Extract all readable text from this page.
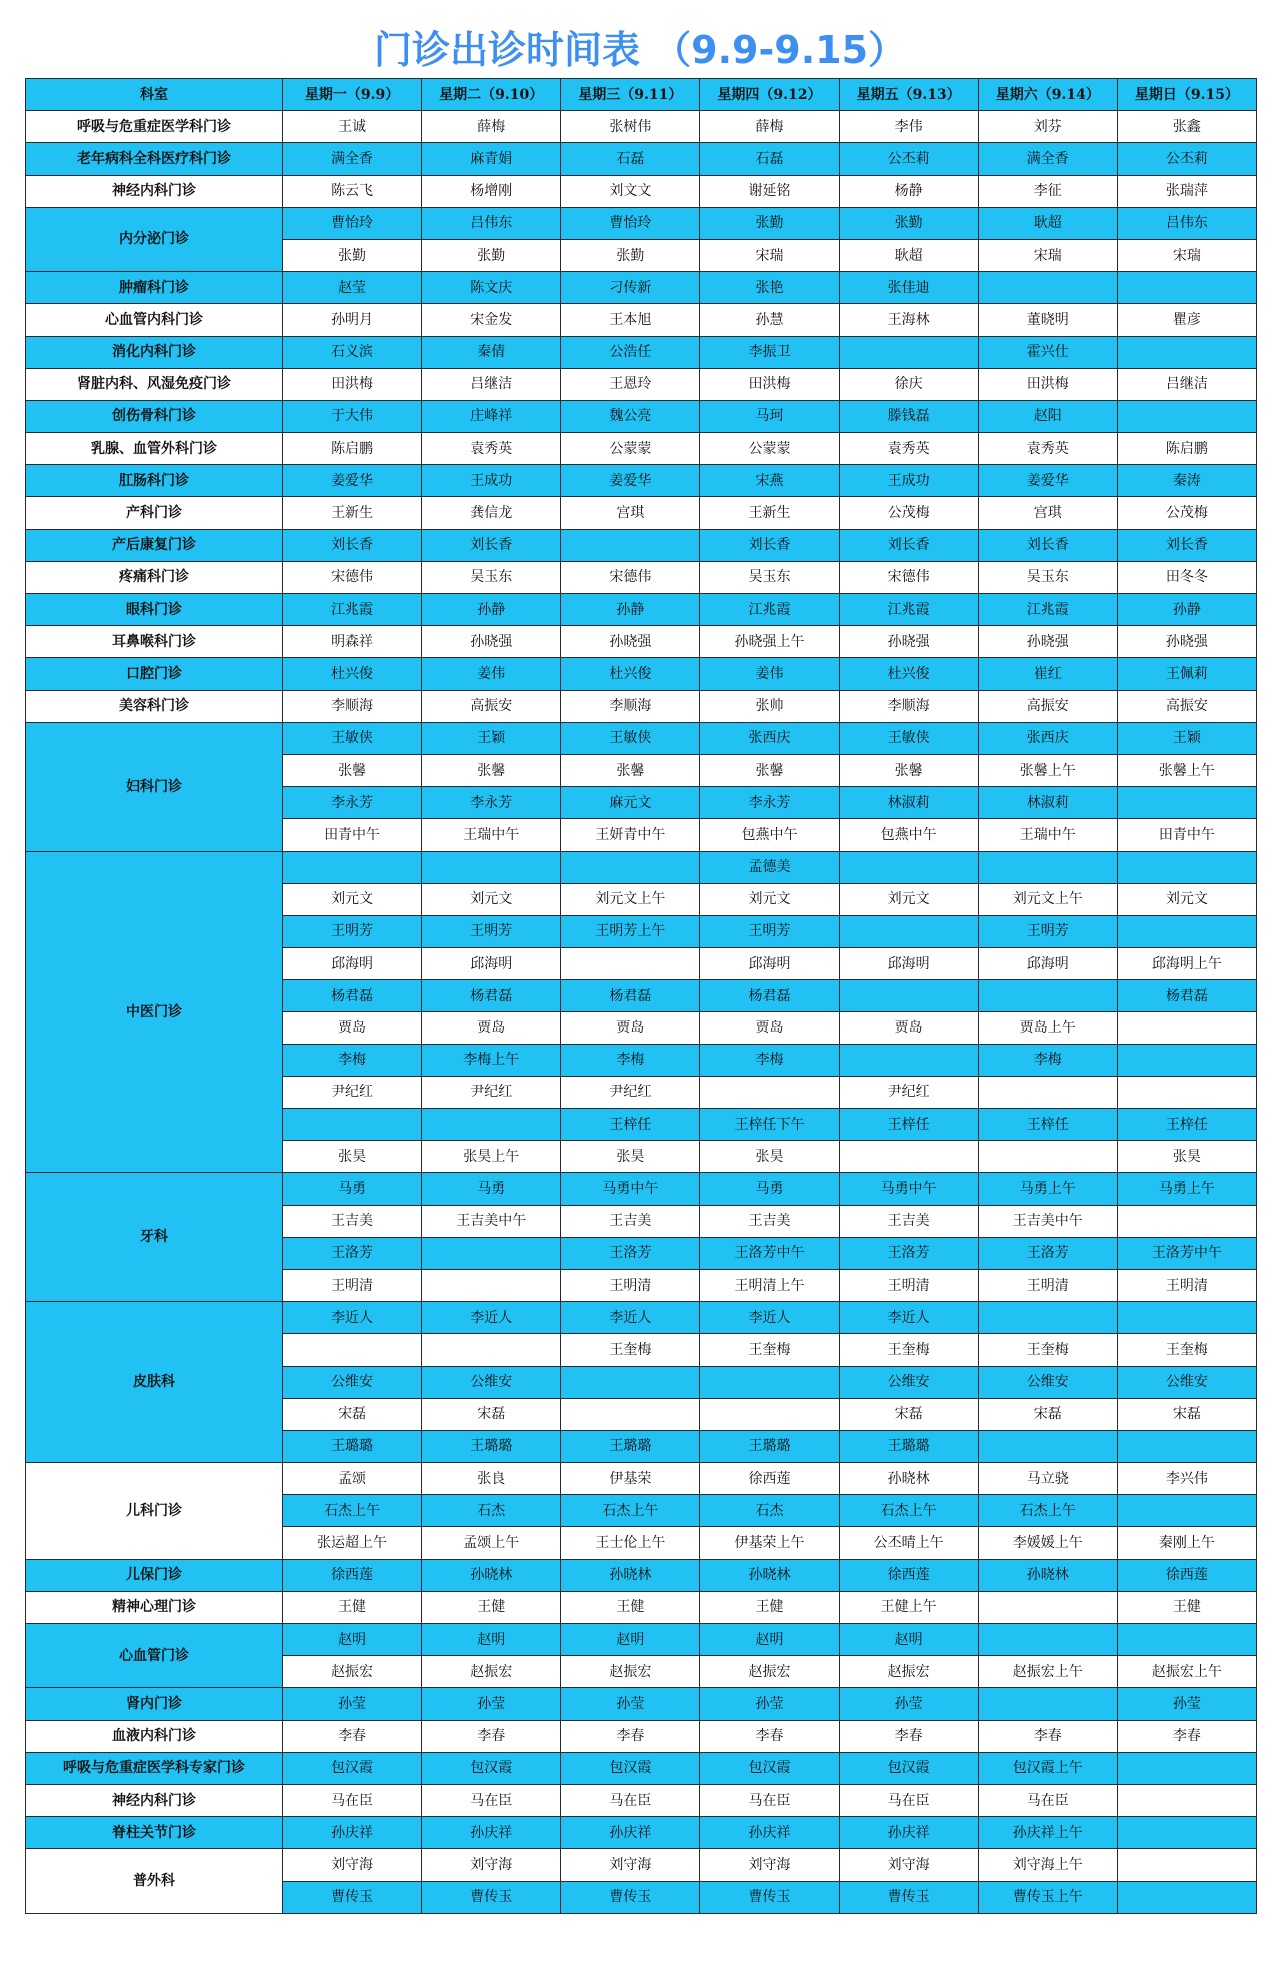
门诊出诊时间表 （9.9-9.15）
科室	星期一（9.9）	星期二（9.10）	星期三（9.11）	星期四（9.12）	星期五（9.13）	星期六（9.14）	星期日（9.15）
呼吸与危重症医学科门诊	王诚	薛梅	张树伟	薛梅	李伟	刘芬	张鑫
老年病科全科医疗科门诊	满全香	麻青娟	石磊	石磊	公丕莉	满全香	公丕莉
神经内科门诊	陈云飞	杨增刚	刘文文	谢延铭	杨静	李征	张瑞萍
内分泌门诊	曹怡玲	吕伟东	曹怡玲	张勤	张勤	耿超	吕伟东
	张勤	张勤	张勤	宋瑞	耿超	宋瑞	宋瑞
肿瘤科门诊	赵莹	陈文庆	刁传新	张艳	张佳迪		
心血管内科门诊	孙明月	宋金发	王本旭	孙慧	王海林	董晓明	瞿彦
消化内科门诊	石义滨	秦倩	公浩任	李振卫		霍兴仕	
肾脏内科、风湿免疫门诊	田洪梅	吕继洁	王恩玲	田洪梅	徐庆	田洪梅	吕继洁
创伤骨科门诊	于大伟	庄峰祥	魏公亮	马珂	滕钱磊	赵阳	
乳腺、血管外科门诊	陈启鹏	袁秀英	公蒙蒙	公蒙蒙	袁秀英	袁秀英	陈启鹏
肛肠科门诊	姜爱华	王成功	姜爱华	宋燕	王成功	姜爱华	秦涛
产科门诊	王新生	龚信龙	宫琪	王新生	公茂梅	宫琪	公茂梅
产后康复门诊	刘长香	刘长香		刘长香	刘长香	刘长香	刘长香
疼痛科门诊	宋德伟	吴玉东	宋德伟	吴玉东	宋德伟	吴玉东	田冬冬
眼科门诊	江兆霞	孙静	孙静	江兆霞	江兆霞	江兆霞	孙静
耳鼻喉科门诊	明森祥	孙晓强	孙晓强	孙晓强上午	孙晓强	孙晓强	孙晓强
口腔门诊	杜兴俊	姜伟	杜兴俊	姜伟	杜兴俊	崔红	王佩莉
美容科门诊	李顺海	高振安	李顺海	张帅	李顺海	高振安	高振安
妇科门诊	王敏侠	王颖	王敏侠	张西庆	王敏侠	张西庆	王颖
	张馨	张馨	张馨	张馨	张馨	张馨上午	张馨上午
	李永芳	李永芳	麻元文	李永芳	林淑莉	林淑莉	
	田青中午	王瑞中午	王妍青中午	包燕中午	包燕中午	王瑞中午	田青中午
中医门诊				孟德美			
	刘元文	刘元文	刘元文上午	刘元文	刘元文	刘元文上午	刘元文
	王明芳	王明芳	王明芳上午	王明芳		王明芳	
	邱海明	邱海明		邱海明	邱海明	邱海明	邱海明上午
	杨君磊	杨君磊	杨君磊	杨君磊			杨君磊
	贾岛	贾岛	贾岛	贾岛	贾岛	贾岛上午	
	李梅	李梅上午	李梅	李梅		李梅	
	尹纪红	尹纪红	尹纪红		尹纪红		
			王梓任	王梓任下午	王梓任	王梓任	王梓任
	张昊	张昊上午	张昊	张昊			张昊
牙科	马勇	马勇	马勇中午	马勇	马勇中午	马勇上午	马勇上午
	王吉美	王吉美中午	王吉美	王吉美	王吉美	王吉美中午	
	王洛芳		王洛芳	王洛芳中午	王洛芳	王洛芳	王洛芳中午
	王明清		王明清	王明清上午	王明清	王明清	王明清
皮肤科	李近人	李近人	李近人	李近人	李近人		
			王奎梅	王奎梅	王奎梅	王奎梅	王奎梅
	公维安	公维安			公维安	公维安	公维安
	宋磊	宋磊			宋磊	宋磊	宋磊
	王璐璐	王璐璐	王璐璐	王璐璐	王璐璐		
儿科门诊	孟颂	张良	伊基荣	徐西莲	孙晓林	马立骁	李兴伟
	石杰上午	石杰	石杰上午	石杰	石杰上午	石杰上午	
	张运超上午	孟颂上午	王士伦上午	伊基荣上午	公丕晴上午	李媛媛上午	秦刚上午
儿保门诊	徐西莲	孙晓林	孙晓林	孙晓林	徐西莲	孙晓林	徐西莲
精神心理门诊	王健	王健	王健	王健	王健上午		王健
心血管门诊	赵明	赵明	赵明	赵明	赵明		
	赵振宏	赵振宏	赵振宏	赵振宏	赵振宏	赵振宏上午	赵振宏上午
肾内门诊	孙莹	孙莹	孙莹	孙莹	孙莹		孙莹
血液内科门诊	李春	李春	李春	李春	李春	李春	李春
呼吸与危重症医学科专家门诊	包汉霞	包汉霞	包汉霞	包汉霞	包汉霞	包汉霞上午	
神经内科门诊	马在臣	马在臣	马在臣	马在臣	马在臣	马在臣	
脊柱关节门诊	孙庆祥	孙庆祥	孙庆祥	孙庆祥	孙庆祥	孙庆祥上午	
普外科	刘守海	刘守海	刘守海	刘守海	刘守海	刘守海上午	
	曹传玉	曹传玉	曹传玉	曹传玉	曹传玉	曹传玉上午	
